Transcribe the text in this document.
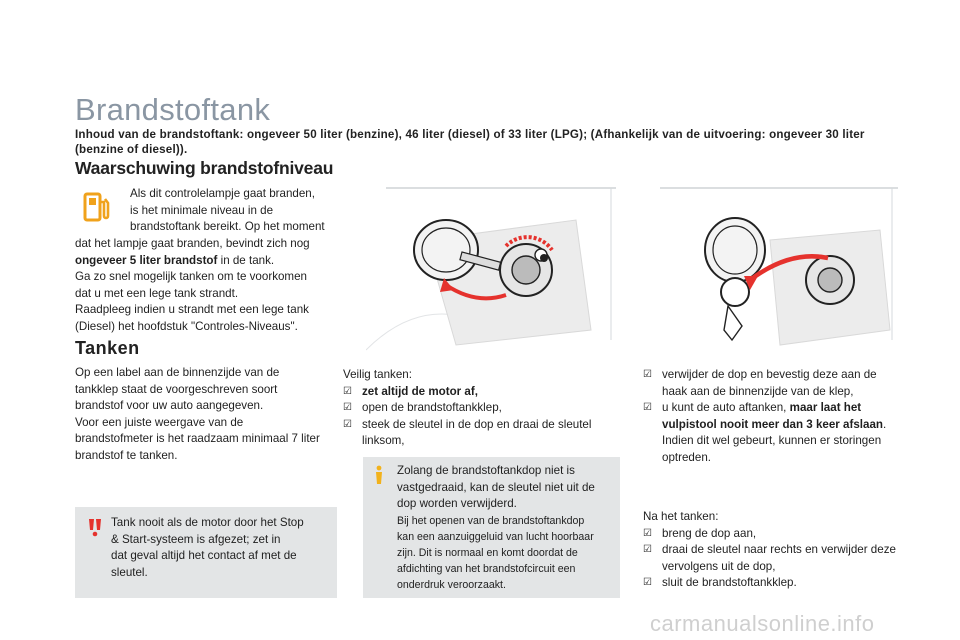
Brandstoftank
Inhoud van de brandstoftank: ongeveer 50 liter (benzine), 46 liter (diesel) of 33 liter (LPG); (Afhankelijk van de uitvoering: ongeveer 30 liter (benzine of diesel)).
Waarschuwing brandstofniveau
Als dit controlelampje gaat branden,
is het minimale niveau in de
brandstoftank bereikt. Op het moment
dat het lampje gaat branden, bevindt zich nog
ongeveer 5 liter brandstof in de tank.
Ga zo snel mogelijk tanken om te voorkomen
dat u met een lege tank strandt.
Raadpleeg indien u strandt met een lege tank
(Diesel) het hoofdstuk "Controles-Niveaus".
Tanken
Op een label aan de binnenzijde van de
tankklep staat de voorgeschreven soort
brandstof voor uw auto aangegeven.
Voor een juiste weergave van de
brandstofmeter is het raadzaam minimaal 7 liter
brandstof te tanken.
Tank nooit als de motor door het Stop
& Start-systeem is afgezet; zet in
dat geval altijd het contact af met de
sleutel.
Zolang de brandstoftankdop niet is
vastgedraaid, kan de sleutel niet uit de
dop worden verwijderd.
Bij het openen van de brandstoftankdop
kan een aanzuiggeluid van lucht hoorbaar
zijn. Dit is normaal en komt doordat de
afdichting van het brandstofcircuit een
onderdruk veroorzaakt.
Veilig tanken:
☑ zet altijd de motor af,
☑ open de brandstoftankklep,
☑ steek de sleutel in de dop en draai de sleutel linksom,
☑ verwijder de dop en bevestig deze aan de haak aan de binnenzijde van de klep,
☑ u kunt de auto aftanken, maar laat het vulpistool nooit meer dan 3 keer afslaan. Indien dit wel gebeurt, kunnen er storingen optreden.
Na het tanken:
☑ breng de dop aan,
☑ draai de sleutel naar rechts en verwijder deze vervolgens uit de dop,
☑ sluit de brandstoftankklep.
carmanualsonline.info
